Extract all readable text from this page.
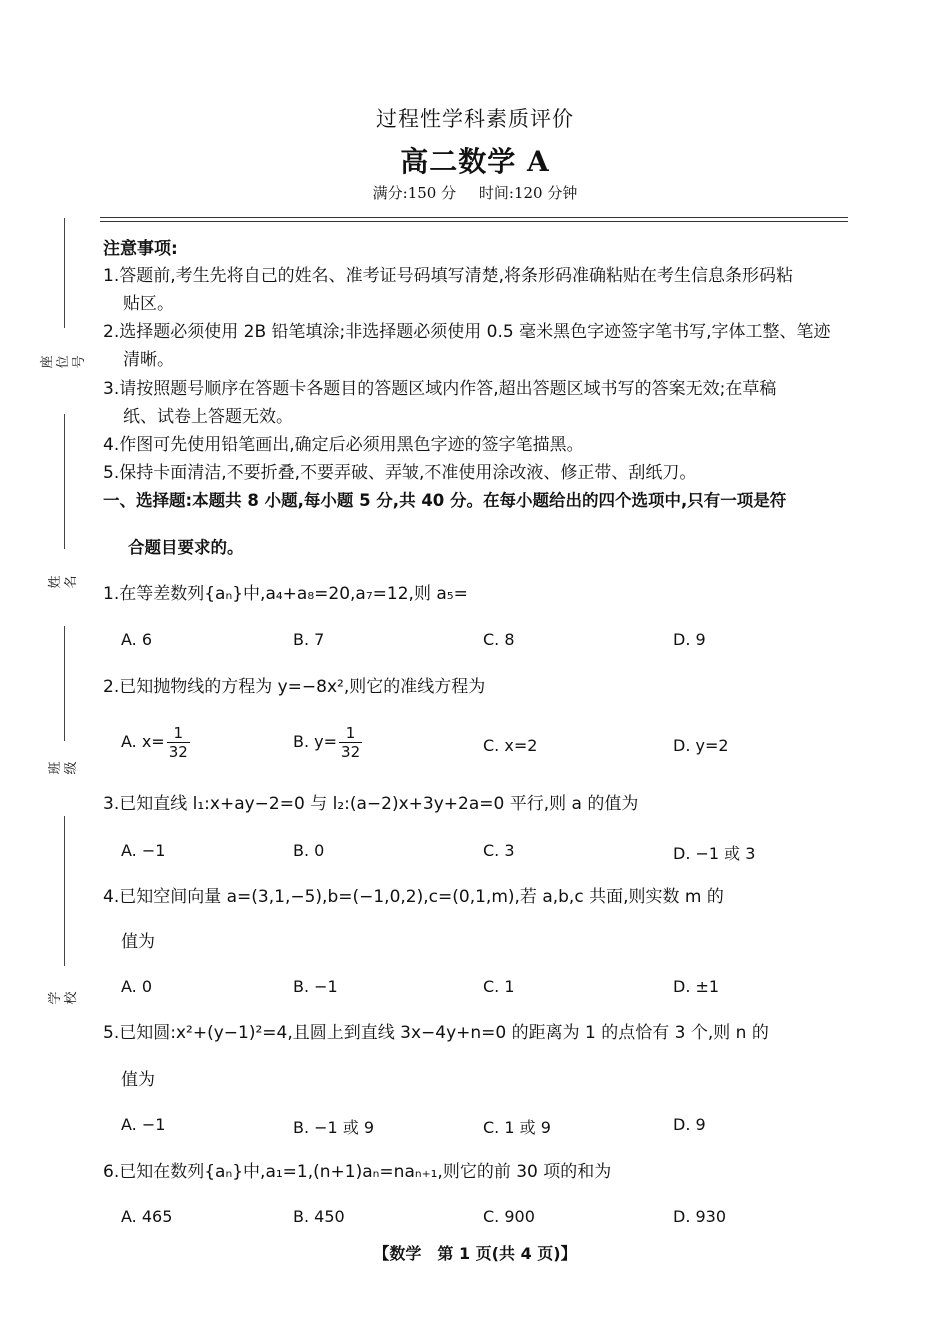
过程性学科素质评价
高二数学 A
满分:150 分 时间:120 分钟
座位号
姓名
班级
学校
注意事项:
1.答题前,考生先将自己的姓名、准考证号码填写清楚,将条形码准确粘贴在考生信息条形码粘
贴区。
2.选择题必须使用 2B 铅笔填涂;非选择题必须使用 0.5 毫米黑色字迹签字笔书写,字体工整、笔迹
清晰。
3.请按照题号顺序在答题卡各题目的答题区域内作答,超出答题区域书写的答案无效;在草稿
纸、试卷上答题无效。
4.作图可先使用铅笔画出,确定后必须用黑色字迹的签字笔描黑。
5.保持卡面清洁,不要折叠,不要弄破、弄皱,不准使用涂改液、修正带、刮纸刀。
一、选择题:本题共 8 小题,每小题 5 分,共 40 分。在每小题给出的四个选项中,只有一项是符
合题目要求的。
1.在等差数列{aₙ}中,a₄+a₈=20,a₇=12,则 a₅=
A. 6	B. 7	C. 8	D. 9
2.已知抛物线的方程为 y=−8x²,则它的准线方程为
A. $x= \frac{1}{32}$	B. $y= \frac{1}{32}$	C. x=2	D. y=2
3.已知直线 l₁:x+ay−2=0 与 l₂:(a−2)x+3y+2a=0 平行,则 a 的值为
A. −1	B. 0	C. 3	D. −1 或 3
4.已知空间向量 a=(3,1,−5),b=(−1,0,2),c=(0,1,m),若 a,b,c 共面,则实数 m 的
值为
A. 0	B. −1	C. 1	D. ±1
5.已知圆:x²+(y−1)²=4,且圆上到直线 3x−4y+n=0 的距离为 1 的点恰有 3 个,则 n 的
值为
A. −1	B. −1 或 9	C. 1 或 9	D. 9
6.已知在数列{aₙ}中,a₁=1,(n+1)aₙ=naₙ₊₁,则它的前 30 项的和为
A. 465	B. 450	C. 900	D. 930
【数学　第 1 页(共 4 页)】
